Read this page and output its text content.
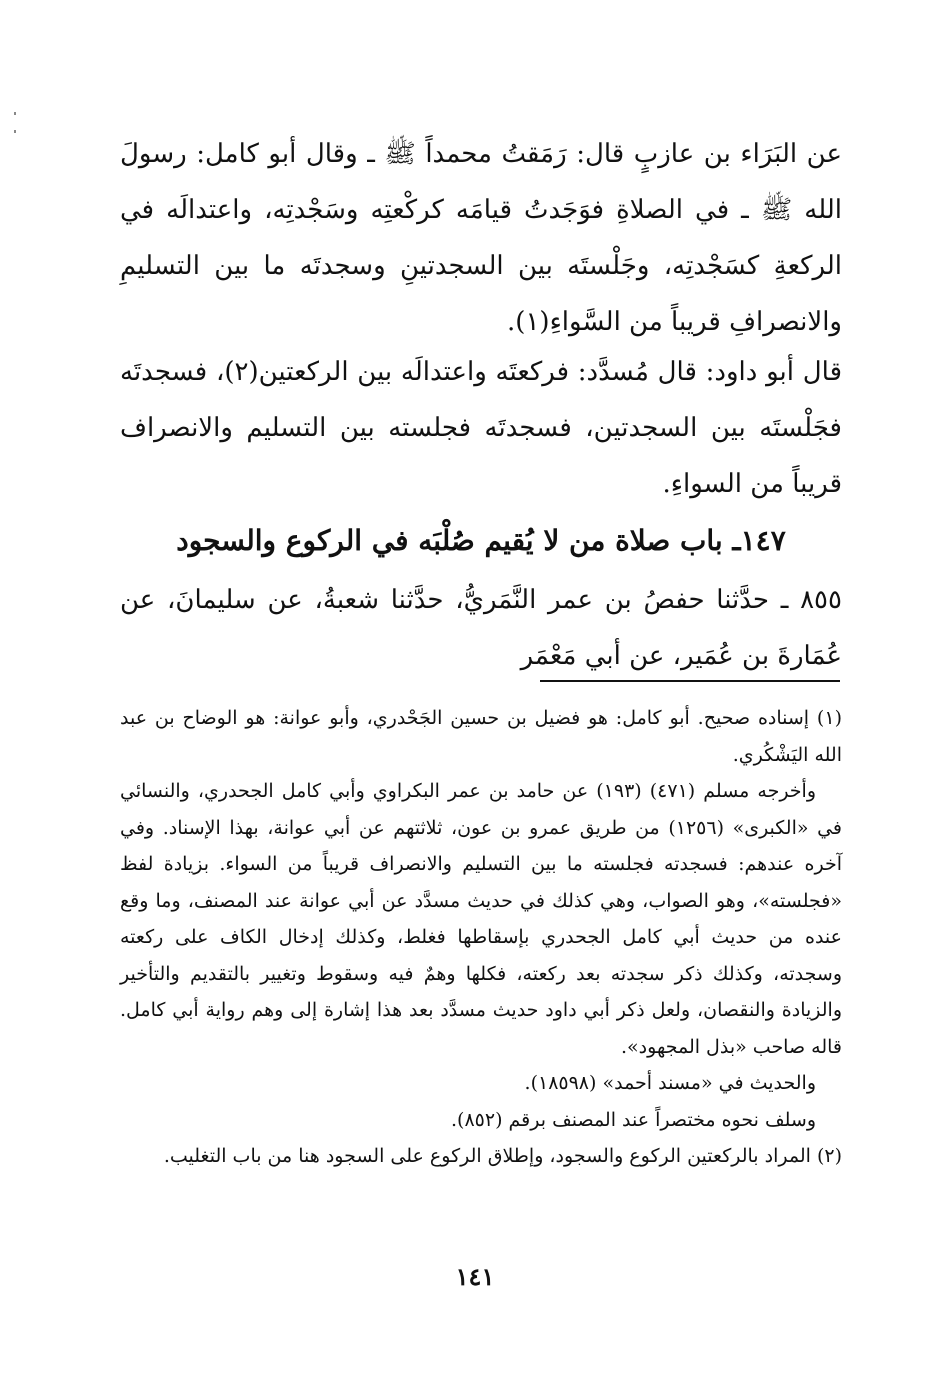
عن البَرَاء بن عازبٍ قال: رَمَقتُ محمداً ﷺ ـ وقال أبو كامل: رسولَ الله ﷺ ـ في الصلاةِ فوَجَدتُ قيامَه كركْعتِه وسَجْدتِه، واعتدالَه في الركعةِ كسَجْدتِه، وجَلْستَه بين السجدتينِ وسجدتَه ما بين التسليمِ والانصرافِ قريباً من السَّواءِ(١).
قال أبو داود: قال مُسدَّد: فركعتَه واعتدالَه بين الركعتين(٢)، فسجدتَه فجَلْستَه بين السجدتين، فسجدتَه فجلسته بين التسليم والانصراف قريباً من السواءِ.
١٤٧ـ باب صلاة من لا يُقيم صُلْبَه في الركوع والسجود
٨٥٥ ـ حدَّثنا حفصُ بن عمر النَّمَريُّ، حدَّثنا شعبةُ، عن سليمانَ، عن عُمَارةَ بن عُمَير، عن أبي مَعْمَر

(١) إسناده صحيح. أبو كامل: هو فضيل بن حسين الجَحْدري، وأبو عوانة: هو الوضاح بن عبد الله اليَشْكُري.

وأخرجه مسلم (٤٧١) (١٩٣) عن حامد بن عمر البكراوي وأبي كامل الجحدري، والنسائي في «الكبرى» (١٢٥٦) من طريق عمرو بن عون، ثلاثتهم عن أبي عوانة، بهذا الإسناد. وفي آخره عندهم: فسجدته فجلسته ما بين التسليم والانصراف قريباً من السواء. بزيادة لفظ «فجلسته»، وهو الصواب، وهي كذلك في حديث مسدَّد عن أبي عوانة عند المصنف، وما وقع عنده من حديث أبي كامل الجحدري بإسقاطها فغلط، وكذلك إدخال الكاف على ركعته وسجدته، وكذلك ذكر سجدته بعد ركعته، فكلها وهمٌ فيه وسقوط وتغيير بالتقديم والتأخير والزيادة والنقصان، ولعل ذكر أبي داود حديث مسدَّد بعد هذا إشارة إلى وهم رواية أبي كامل. قاله صاحب «بذل المجهود».

والحديث في «مسند أحمد» (١٨٥٩٨).

وسلف نحوه مختصراً عند المصنف برقم (٨٥٢).

(٢) المراد بالركعتين الركوع والسجود، وإطلاق الركوع على السجود هنا من باب التغليب.

١٤١
